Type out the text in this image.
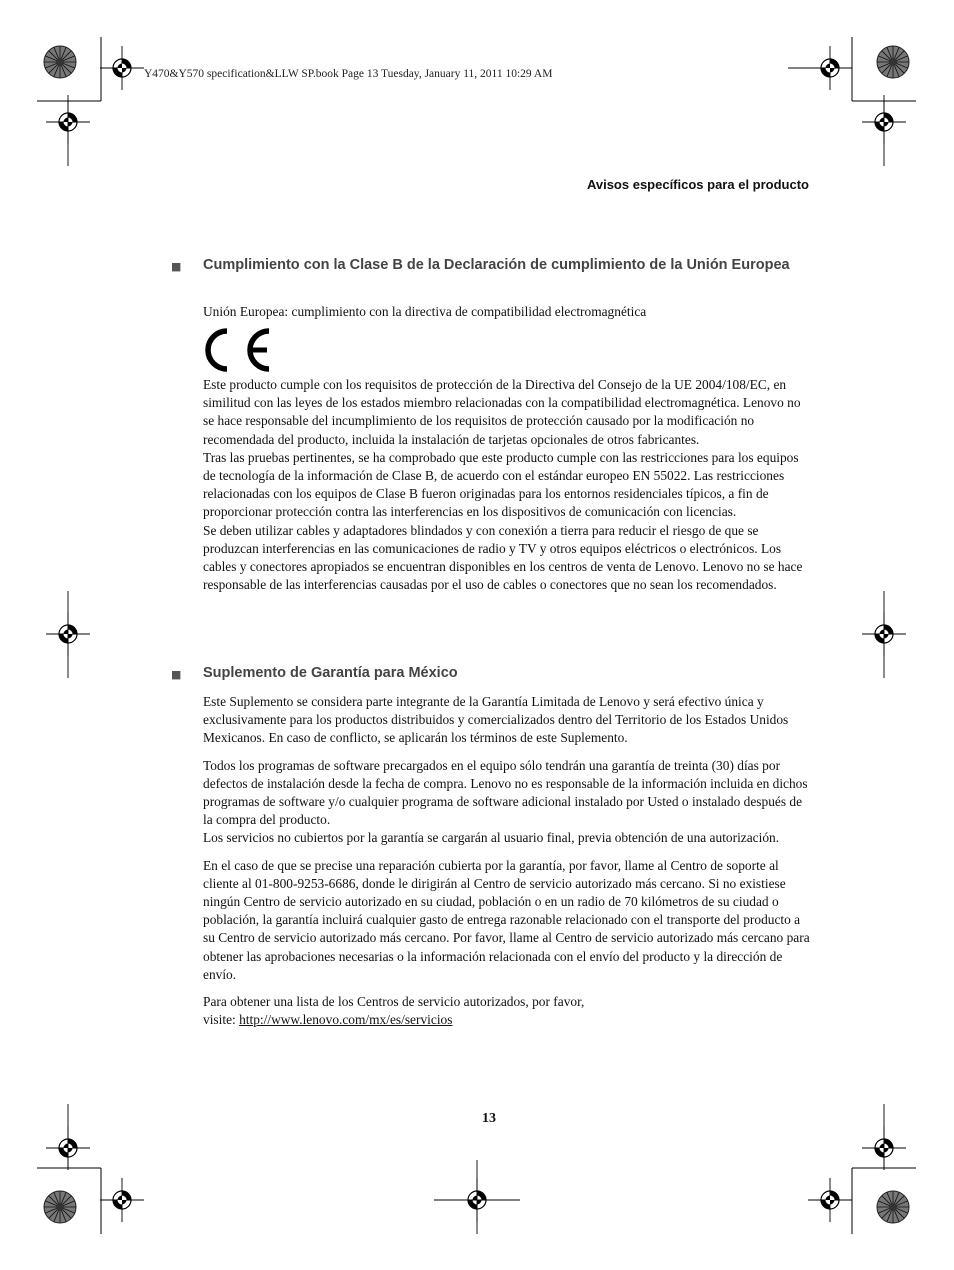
Y470&Y570 specification&LLW SP.book Page 13 Tuesday, January 11, 2011 10:29 AM
Avisos específicos para el producto
■ Cumplimiento con la Clase B de la Declaración de cumplimiento de la Unión Europea

Unión Europea: cumplimiento con la directiva de compatibilidad electromagnética

Este producto cumple con los requisitos de protección de la Directiva del Consejo de la UE 2004/108/EC, en similitud con las leyes de los estados miembro relacionadas con la compatibilidad electromagnética. Lenovo no se hace responsable del incumplimiento de los requisitos de protección causado por la modificación no recomendada del producto, incluida la instalación de tarjetas opcionales de otros fabricantes.

Tras las pruebas pertinentes, se ha comprobado que este producto cumple con las restricciones para los equipos de tecnología de la información de Clase B, de acuerdo con el estándar europeo EN 55022. Las restricciones relacionadas con los equipos de Clase B fueron originadas para los entornos residenciales típicos, a fin de proporcionar protección contra las interferencias en los dispositivos de comunicación con licencias.

Se deben utilizar cables y adaptadores blindados y con conexión a tierra para reducir el riesgo de que se produzcan interferencias en las comunicaciones de radio y TV y otros equipos eléctricos o electrónicos. Los cables y conectores apropiados se encuentran disponibles en los centros de venta de Lenovo. Lenovo no se hace responsable de las interferencias causadas por el uso de cables o conectores que no sean los recomendados.

■ Suplemento de Garantía para México

Este Suplemento se considera parte integrante de la Garantía Limitada de Lenovo y será efectivo única y exclusivamente para los productos distribuidos y comercializados dentro del Territorio de los Estados Unidos Mexicanos. En caso de conflicto, se aplicarán los términos de este Suplemento.

Todos los programas de software precargados en el equipo sólo tendrán una garantía de treinta (30) días por defectos de instalación desde la fecha de compra. Lenovo no es responsable de la información incluida en dichos programas de software y/o cualquier programa de software adicional instalado por Usted o instalado después de la compra del producto.

Los servicios no cubiertos por la garantía se cargarán al usuario final, previa obtención de una autorización.

En el caso de que se precise una reparación cubierta por la garantía, por favor, llame al Centro de soporte al cliente al 01-800-9253-6686, donde le dirigirán al Centro de servicio autorizado más cercano. Si no existiese ningún Centro de servicio autorizado en su ciudad, población o en un radio de 70 kilómetros de su ciudad o población, la garantía incluirá cualquier gasto de entrega razonable relacionado con el transporte del producto a su Centro de servicio autorizado más cercano. Por favor, llame al Centro de servicio autorizado más cercano para obtener las aprobaciones necesarias o la información relacionada con el envío del producto y la dirección de envío.

Para obtener una lista de los Centros de servicio autorizados, por favor,

visite: http://www.lenovo.com/mx/es/servicios

13
